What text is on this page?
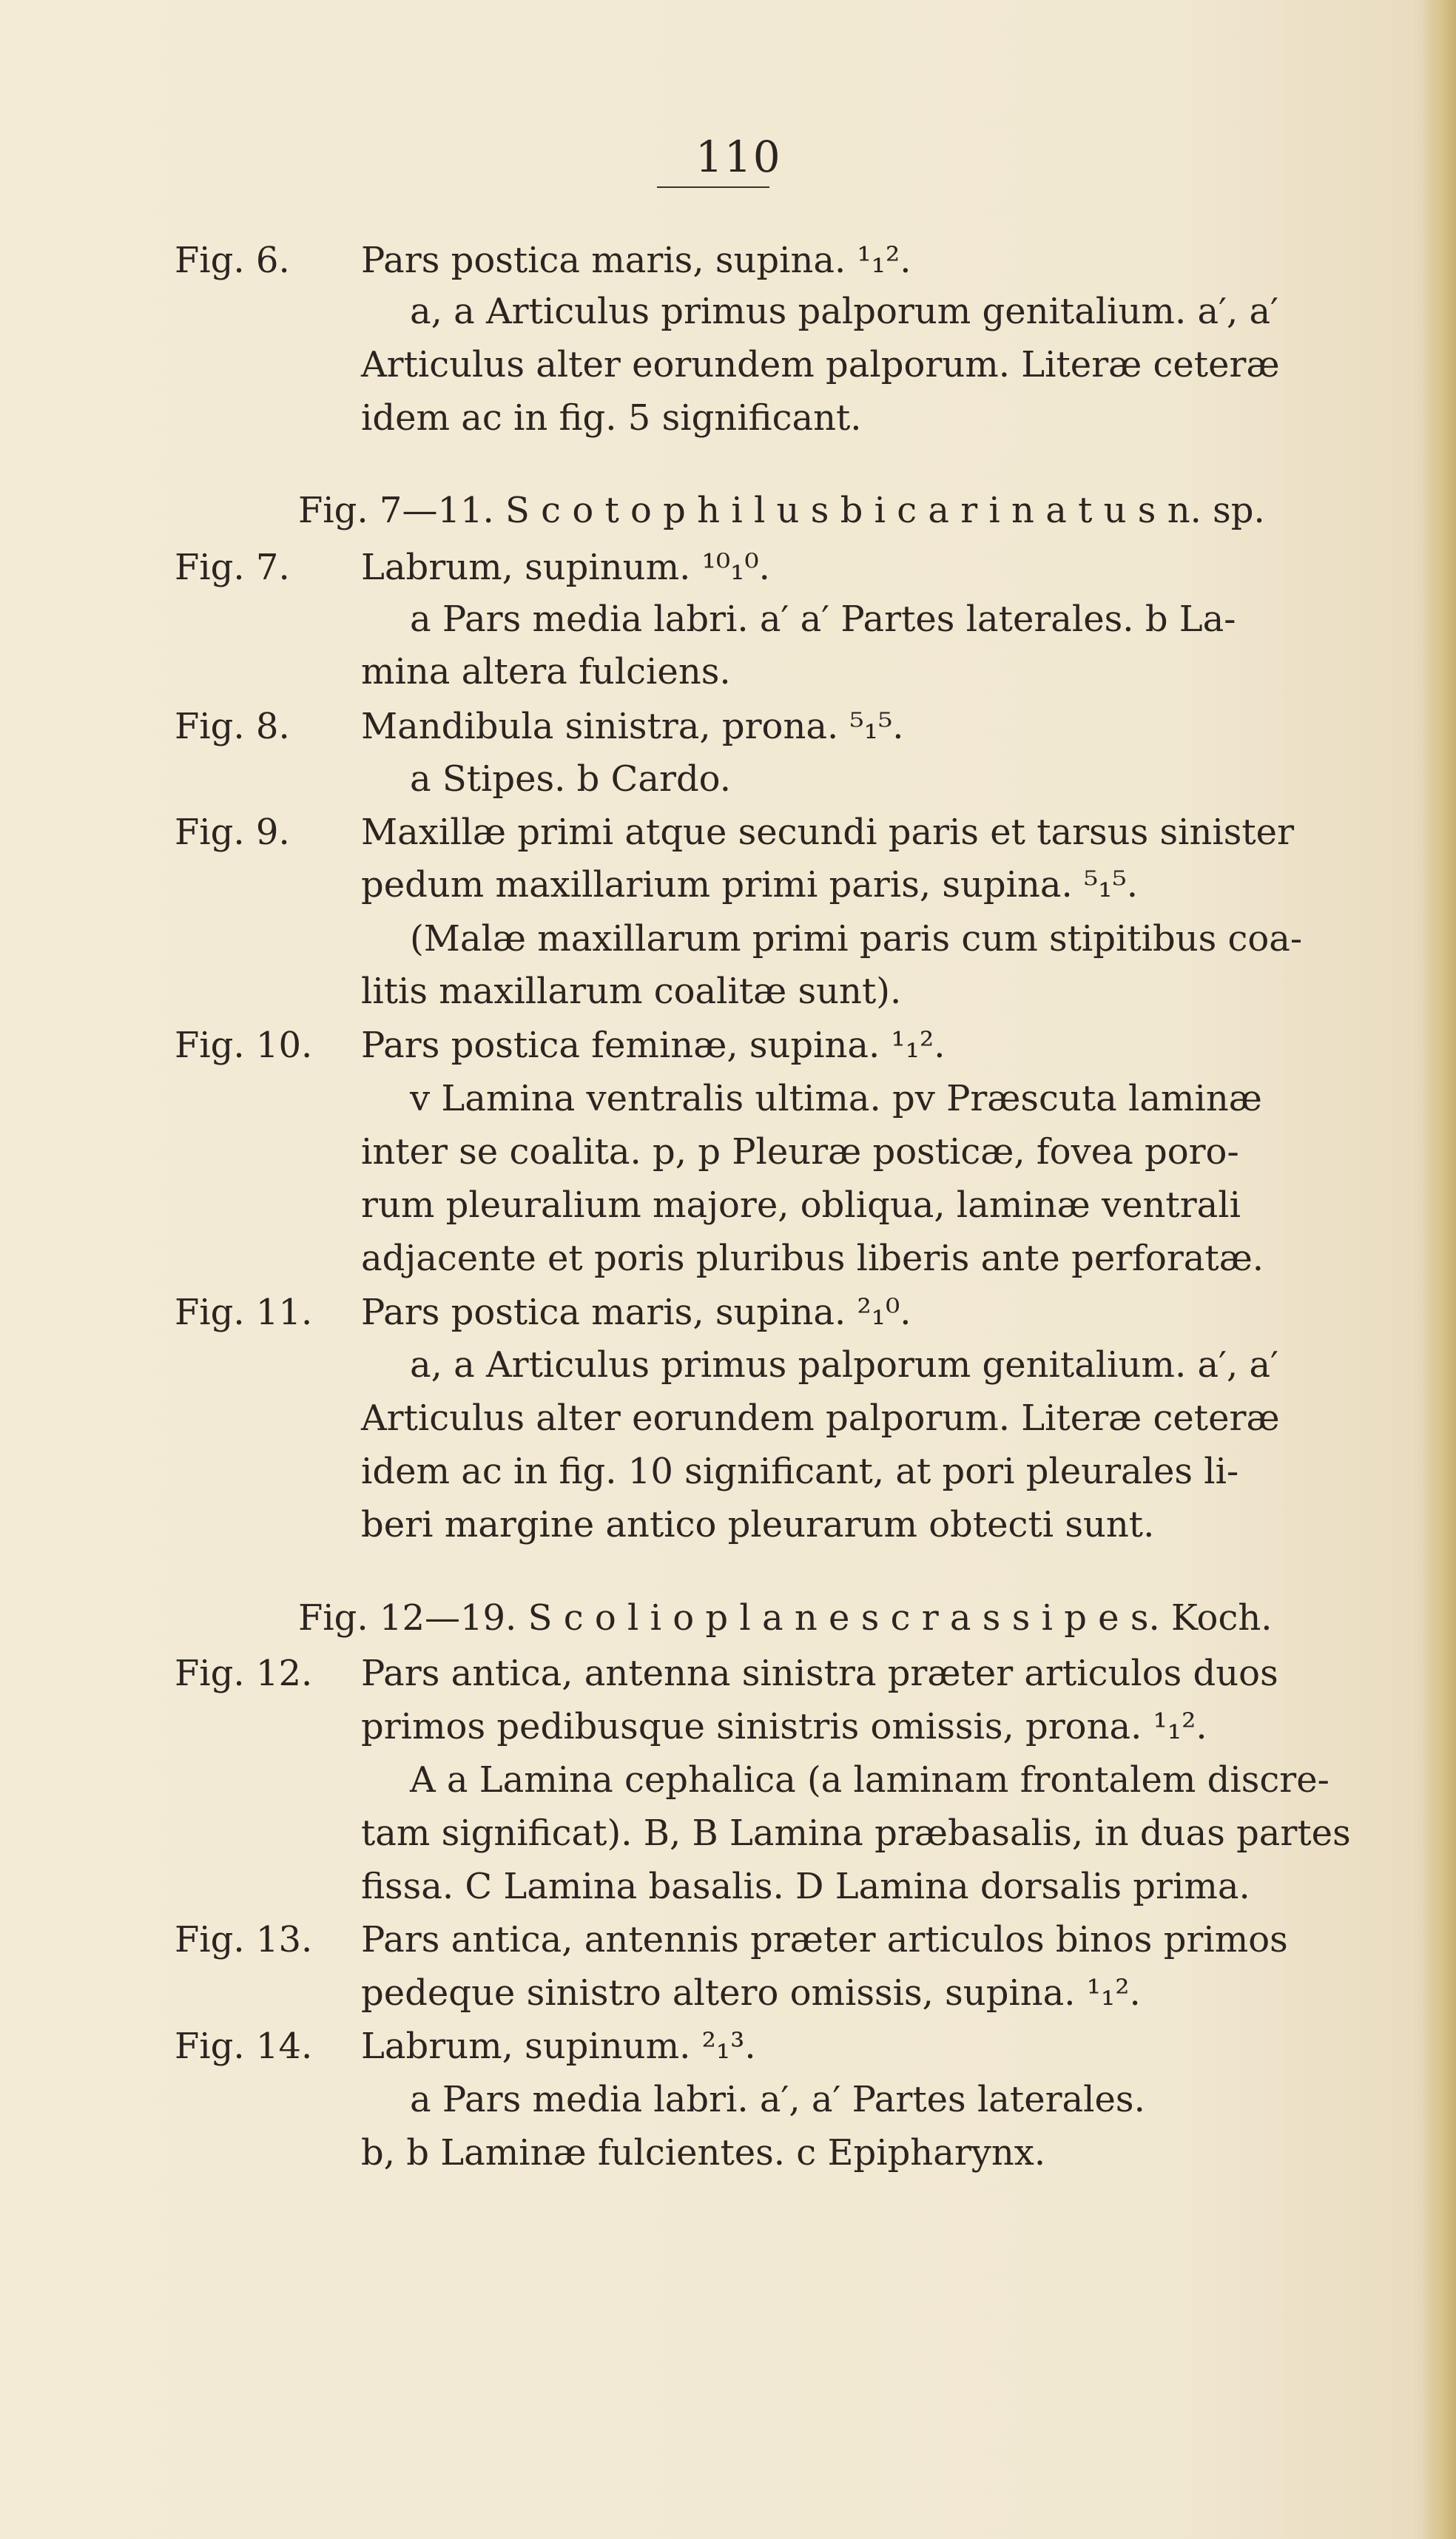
110
Fig. 6. Pars postica maris, supina. ¹₁².
a, a Articulus primus palporum genitalium. a′, a′
Articulus alter eorundem palporum. Literæ ceteræ
idem ac in fig. 5 significant.
Fig. 7—11. S c o t o p h i l u s b i c a r i n a t u s n. sp.
Fig. 7. Labrum, supinum. ¹⁰₁⁰.
a Pars media labri. a′ a′ Partes laterales. b La-
mina altera fulciens.
Fig. 8. Mandibula sinistra, prona. ⁵₁⁵.
a Stipes. b Cardo.
Fig. 9. Maxillæ primi atque secundi paris et tarsus sinister
pedum maxillarium primi paris, supina. ⁵₁⁵.
(Malæ maxillarum primi paris cum stipitibus coa-
litis maxillarum coalitæ sunt).
Fig. 10. Pars postica feminæ, supina. ¹₁².
v Lamina ventralis ultima. pv Præscuta laminæ
inter se coalita. p, p Pleuræ posticæ, fovea poro-
rum pleuralium majore, obliqua, laminæ ventrali
adjacente et poris pluribus liberis ante perforatæ.
Fig. 11. Pars postica maris, supina. ²₁⁰.
a, a Articulus primus palporum genitalium. a′, a′
Articulus alter eorundem palporum. Literæ ceteræ
idem ac in fig. 10 significant, at pori pleurales li-
beri margine antico pleurarum obtecti sunt.
Fig. 12—19. S c o l i o p l a n e s c r a s s i p e s. Koch.
Fig. 12. Pars antica, antenna sinistra præter articulos duos
primos pedibusque sinistris omissis, prona. ¹₁².
A a Lamina cephalica (a laminam frontalem discre-
tam significat). B, B Lamina præbasalis, in duas partes
fissa. C Lamina basalis. D Lamina dorsalis prima.
Fig. 13. Pars antica, antennis præter articulos binos primos
pedeque sinistro altero omissis, supina. ¹₁².
Fig. 14. Labrum, supinum. ²₁³.
a Pars media labri. a′, a′ Partes laterales.
b, b Laminæ fulcientes. c Epipharynx.
